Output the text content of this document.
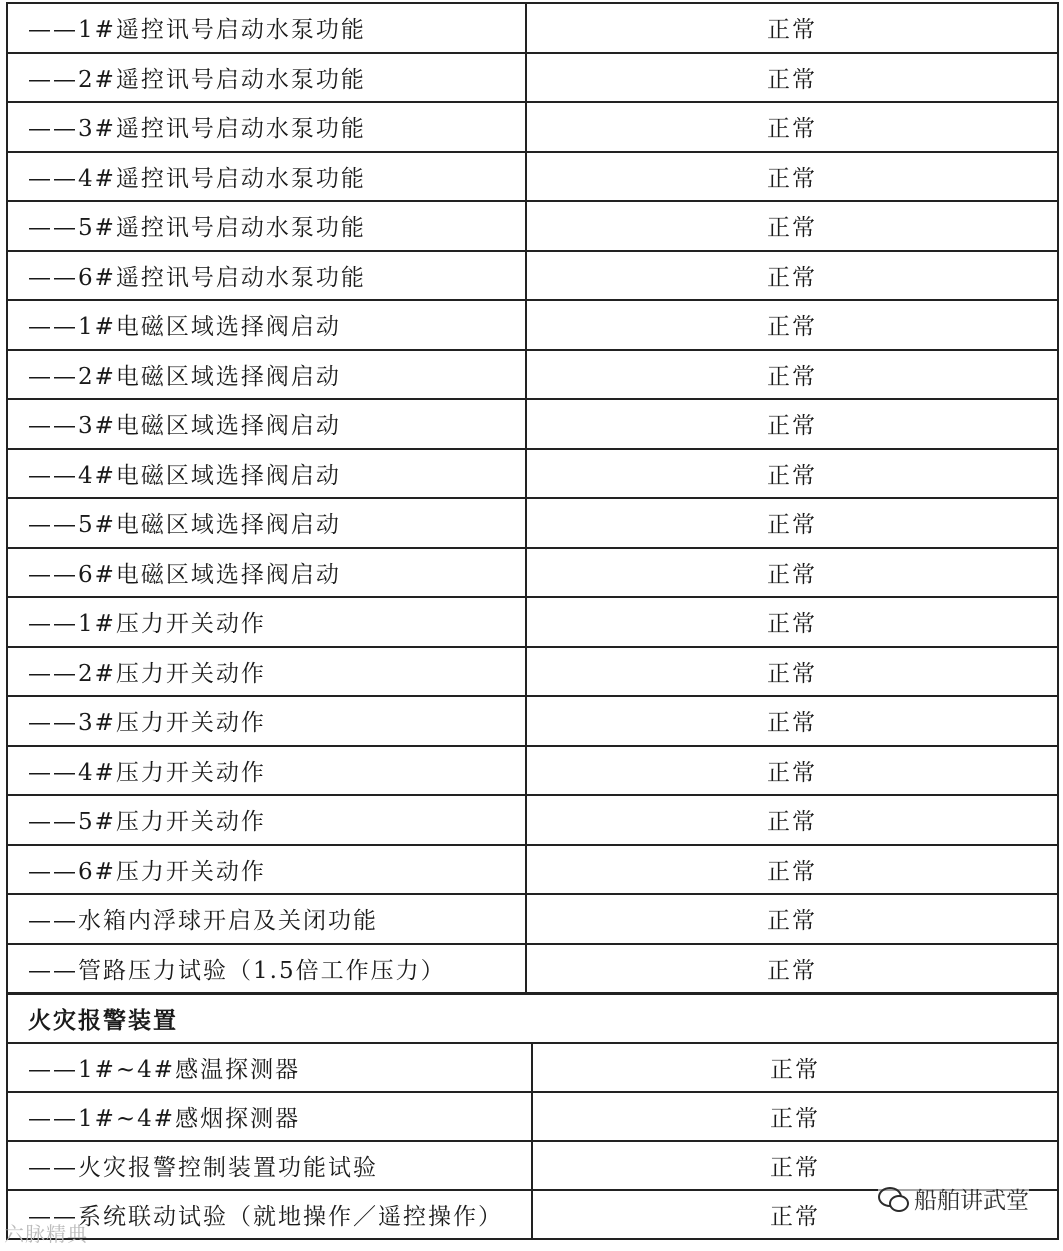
——1#遥控讯号启动水泵功能	正常
——2#遥控讯号启动水泵功能	正常
——3#遥控讯号启动水泵功能	正常
——4#遥控讯号启动水泵功能	正常
——5#遥控讯号启动水泵功能	正常
——6#遥控讯号启动水泵功能	正常
——1#电磁区域选择阀启动	正常
——2#电磁区域选择阀启动	正常
——3#电磁区域选择阀启动	正常
——4#电磁区域选择阀启动	正常
——5#电磁区域选择阀启动	正常
——6#电磁区域选择阀启动	正常
——1#压力开关动作	正常
——2#压力开关动作	正常
——3#压力开关动作	正常
——4#压力开关动作	正常
——5#压力开关动作	正常
——6#压力开关动作	正常
——水箱内浮球开启及关闭功能	正常
——管路压力试验（1.5倍工作压力）	正常
火灾报警装置	
——1#~4#感温探测器	正常
——1#~4#感烟探测器	正常
——火灾报警控制装置功能试验	正常
——系统联动试验（就地操作／遥控操作）	正常
船舶讲武堂
六脉精典
